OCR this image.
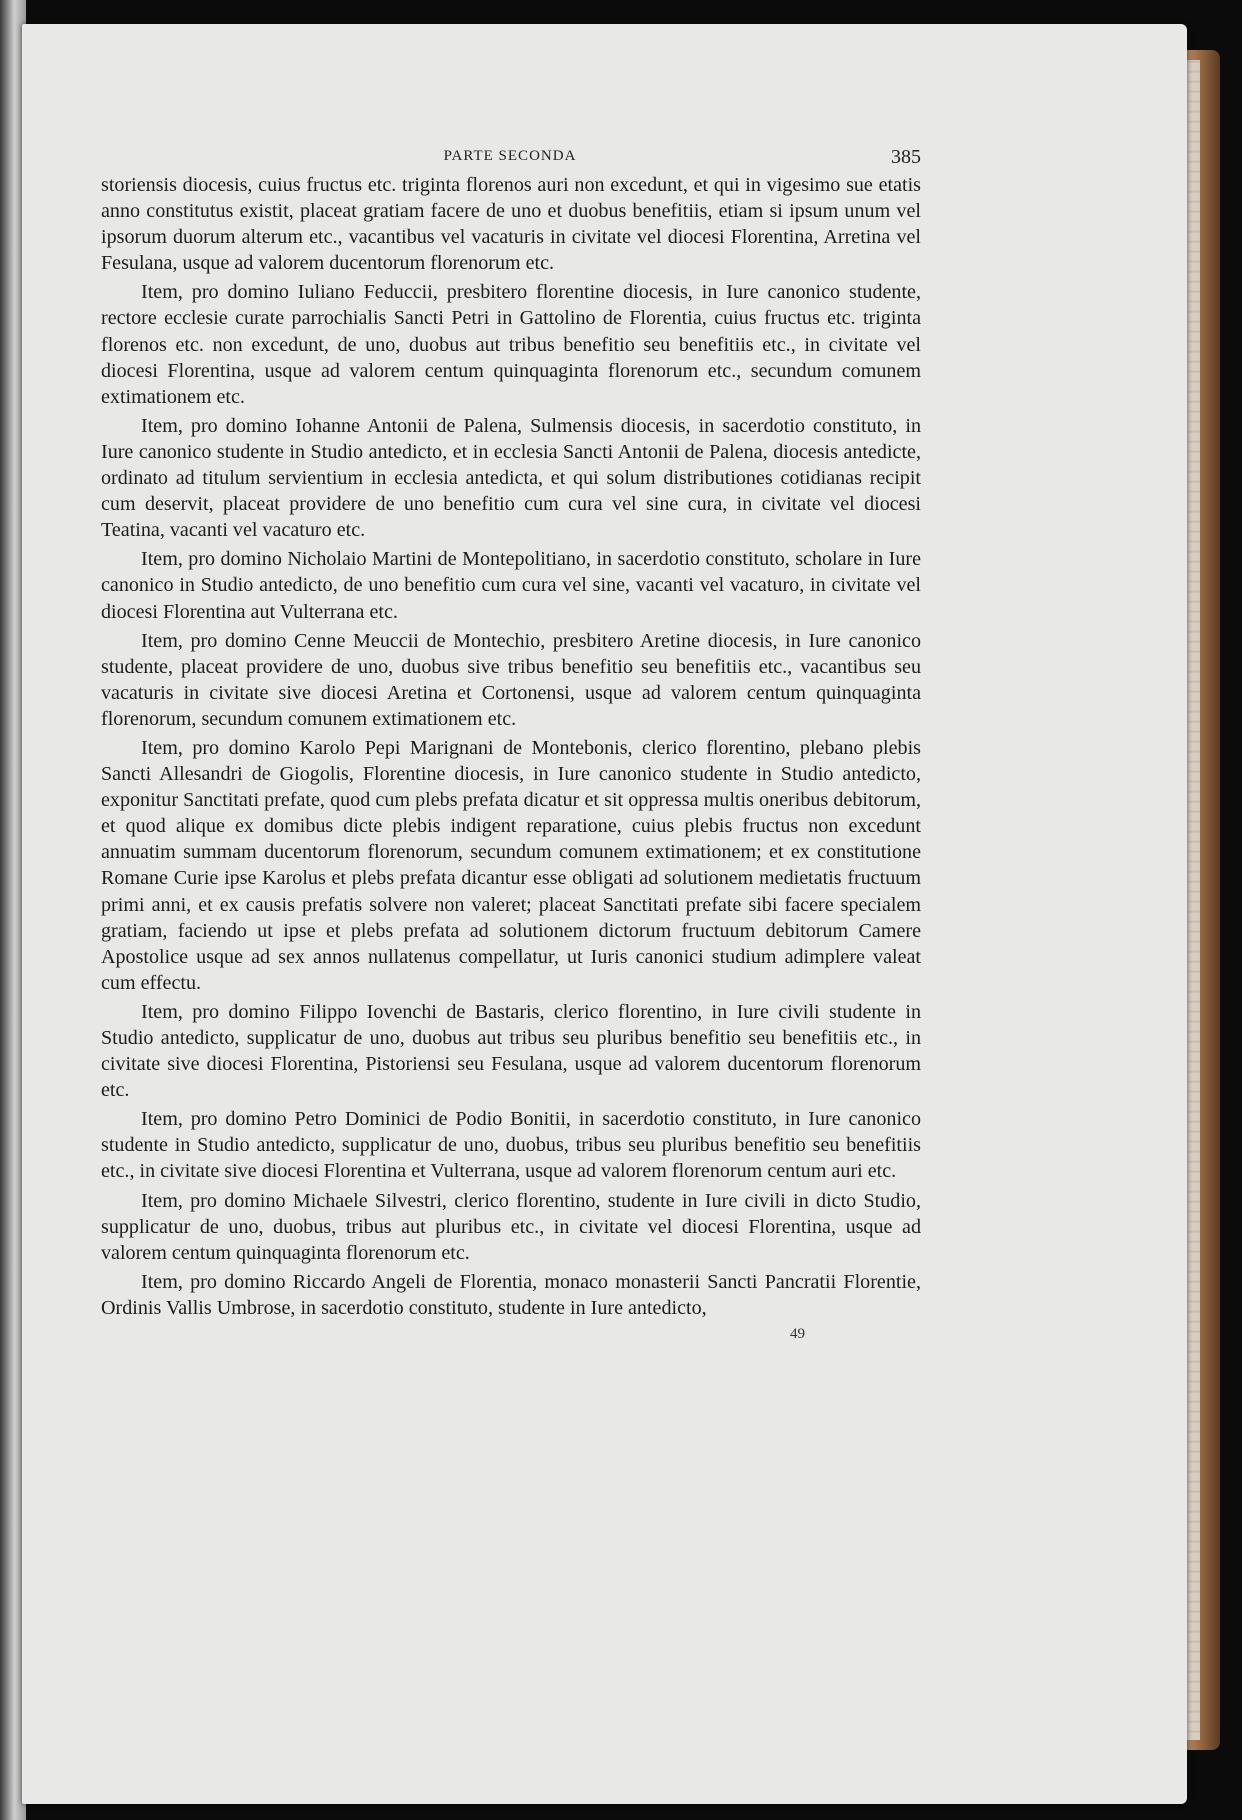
PARTE SECONDA	385

storiensis diocesis, cuius fructus etc. triginta florenos auri non excedunt, et qui in vigesimo sue etatis anno constitutus existit, placeat gratiam facere de uno et duobus benefitiis, etiam si ipsum unum vel ipsorum duorum alterum etc., vacantibus vel vacaturis in civitate vel diocesi Florentina, Arretina vel Fesulana, usque ad valorem ducentorum florenorum etc.

Item, pro domino Iuliano Feduccii, presbitero florentine diocesis, in Iure canonico studente, rectore ecclesie curate parrochialis Sancti Petri in Gattolino de Florentia, cuius fructus etc. triginta florenos etc. non excedunt, de uno, duobus aut tribus benefitio seu benefitiis etc., in civitate vel diocesi Florentina, usque ad valorem centum quinquaginta florenorum etc., secundum comunem extimationem etc.

Item, pro domino Iohanne Antonii de Palena, Sulmensis diocesis, in sacerdotio constituto, in Iure canonico studente in Studio antedicto, et in ecclesia Sancti Antonii de Palena, diocesis antedicte, ordinato ad titulum servientium in ecclesia antedicta, et qui solum distributiones cotidianas recipit cum deservit, placeat providere de uno benefitio cum cura vel sine cura, in civitate vel diocesi Teatina, vacanti vel vacaturo etc.

Item, pro domino Nicholaio Martini de Montepolitiano, in sacerdotio constituto, scholare in Iure canonico in Studio antedicto, de uno benefitio cum cura vel sine, vacanti vel vacaturo, in civitate vel diocesi Florentina aut Vulterrana etc.

Item, pro domino Cenne Meuccii de Montechio, presbitero Aretine diocesis, in Iure canonico studente, placeat providere de uno, duobus sive tribus benefitio seu benefitiis etc., vacantibus seu vacaturis in civitate sive diocesi Aretina et Cortonensi, usque ad valorem centum quinquaginta florenorum, secundum comunem extimationem etc.

Item, pro domino Karolo Pepi Marignani de Montebonis, clerico florentino, plebano plebis Sancti Allesandri de Giogolis, Florentine diocesis, in Iure canonico studente in Studio antedicto, exponitur Sanctitati prefate, quod cum plebs prefata dicatur et sit oppressa multis oneribus debitorum, et quod alique ex domibus dicte plebis indigent reparatione, cuius plebis fructus non excedunt annuatim summam ducentorum florenorum, secundum comunem extimationem; et ex constitutione Romane Curie ipse Karolus et plebs prefata dicantur esse obligati ad solutionem medietatis fructuum primi anni, et ex causis prefatis solvere non valeret; placeat Sanctitati prefate sibi facere specialem gratiam, faciendo ut ipse et plebs prefata ad solutionem dictorum fructuum debitorum Camere Apostolice usque ad sex annos nullatenus compellatur, ut Iuris canonici studium adimplere valeat cum effectu.

Item, pro domino Filippo Iovenchi de Bastaris, clerico florentino, in Iure civili studente in Studio antedicto, supplicatur de uno, duobus aut tribus seu pluribus benefitio seu benefitiis etc., in civitate sive diocesi Florentina, Pistoriensi seu Fesulana, usque ad valorem ducentorum florenorum etc.

Item, pro domino Petro Dominici de Podio Bonitii, in sacerdotio constituto, in Iure canonico studente in Studio antedicto, supplicatur de uno, duobus, tribus seu pluribus benefitio seu benefitiis etc., in civitate sive diocesi Florentina et Vulterrana, usque ad valorem florenorum centum auri etc.

Item, pro domino Michaele Silvestri, clerico florentino, studente in Iure civili in dicto Studio, supplicatur de uno, duobus, tribus aut pluribus etc., in civitate vel diocesi Florentina, usque ad valorem centum quinquaginta florenorum etc.

Item, pro domino Riccardo Angeli de Florentia, monaco monasterii Sancti Pancratii Florentie, Ordinis Vallis Umbrose, in sacerdotio constituto, studente in Iure antedicto,

49
